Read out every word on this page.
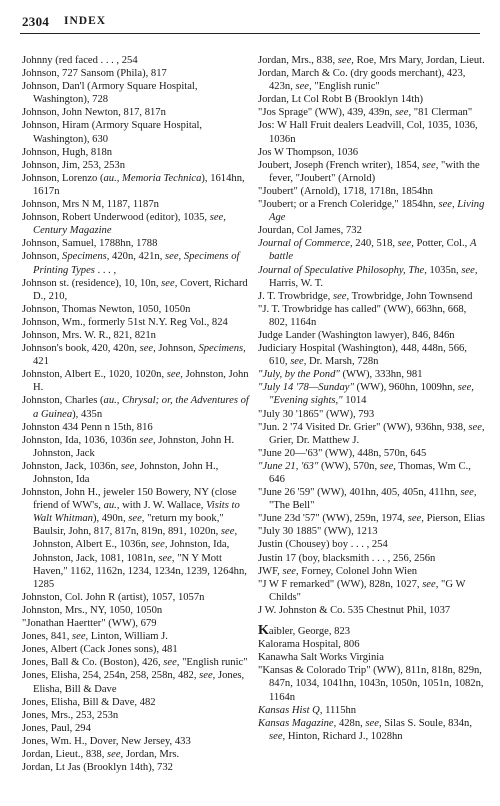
2304 INDEX

Johnny (red faced . . . , 254

Johnson, 727 Sansom (Phila), 817

Johnson, Dan'l (Armory Square Hospital, Washington), 728

Johnson, John Newton, 817, 817n

Johnson, Hiram (Armory Square Hospital, Washington), 630

Johnson, Hugh, 818n

Johnson, Jim, 253, 253n

Johnson, Lorenzo (au., Memoria Technica), 1614hn, 1617n

Johnson, Mrs N M, 1187, 1187n

Johnson, Robert Underwood (editor), 1035, see, Century Magazine

Johnson, Samuel, 1788hn, 1788

Johnson, Specimens, 420n, 421n, see, Specimens of Printing Types . . . ,

Johnson st. (residence), 10, 10n, see, Covert, Richard D., 210,

Johnson, Thomas Newton, 1050, 1050n

Johnson, Wm., formerly 51st N.Y. Reg Vol., 824

Johnson, Mrs. W. R., 821, 821n

Johnson's book, 420, 420n, see, Johnson, Specimens, 421

Johnston, Albert E., 1020, 1020n, see, Johnston, John H.

Johnston, Charles (au., Chrysal; or, the Adventures of a Guinea), 435n

Johnston 434 Penn n 15th, 816

Johnston, Ida, 1036, 1036n see, Johnston, John H. Johnston, Jack

Johnston, Jack, 1036n, see, Johnston, John H., Johnston, Ida

Johnston, John H., jeweler 150 Bowery, NY (close friend of WW's, au., with J. W. Wallace, Visits to Walt Whitman), 490n, see, "return my book," Baulsir, John, 817, 817n, 819n, 891, 1020n, see, Johnston, Albert E., 1036n, see, Johnston, Ida, Johnston, Jack, 1081, 1081n, see, "N Y Mott Haven," 1162, 1162n, 1234, 1234n, 1239, 1264hn, 1285

Johnston, Col. John R (artist), 1057, 1057n

Johnston, Mrs., NY, 1050, 1050n

"Jonathan Haertter" (WW), 679

Jones, 841, see, Linton, William J.

Jones, Albert (Cack Jones sons), 481

Jones, Ball & Co. (Boston), 426, see, "English runic"

Jones, Elisha, 254, 254n, 258, 258n, 482, see, Jones, Elisha, Bill & Dave

Jones, Elisha, Bill & Dave, 482

Jones, Mrs., 253, 253n

Jones, Paul, 294

Jones, Wm. H., Dover, New Jersey, 433

Jordan, Lieut., 838, see, Jordan, Mrs.

Jordan, Lt Jas (Brooklyn 14th), 732

Jordan, Mrs., 838, see, Roe, Mrs Mary, Jordan, Lieut.

Jordan, March & Co. (dry goods merchant), 423, 423n, see, "English runic"

Jordan, Lt Col Robt B (Brooklyn 14th)

"Jos Sprage" (WW), 439, 439n, see, "81 Clerman"

Jos: W Hall Fruit dealers Leadvill, Col, 1035, 1036, 1036n

Jos W Thompson, 1036

Joubert, Joseph (French writer), 1854, see, "with the fever, "Joubert" (Arnold)

"Joubert" (Arnold), 1718, 1718n, 1854hn

"Joubert; or a French Coleridge," 1854hn, see, Living Age

Jourdan, Col James, 732

Journal of Commerce, 240, 518, see, Potter, Col., A battle

Journal of Speculative Philosophy, The, 1035n, see, Harris, W. T.

J. T. Trowbridge, see, Trowbridge, John Townsend

"J. T. Trowbridge has called" (WW), 663hn, 668, 802, 1164n

Judge Lander (Washington lawyer), 846, 846n

Judiciary Hospital (Washington), 448, 448n, 566, 610, see, Dr. Marsh, 728n

"July, by the Pond" (WW), 333hn, 981

"July 14 '78—Sunday" (WW), 960hn, 1009hn, see, "Evening sights," 1014

"July 30 '1865" (WW), 793

"Jun. 2 '74 Visited Dr. Grier" (WW), 936hn, 938, see, Grier, Dr. Matthew J.

"June 20—'63" (WW), 448n, 570n, 645

"June 21, '63" (WW), 570n, see, Thomas, Wm C., 646

"June 26 '59" (WW), 401hn, 405, 405n, 411hn, see, "The Bell"

"June 23d '57" (WW), 259n, 1974, see, Pierson, Elias

"July 30 1885" (WW), 1213

Justin (Chousey) boy . . . , 254

Justin 17 (boy, blacksmith . . . , 256, 256n

JWF, see, Forney, Colonel John Wien

"J W F remarked" (WW), 828n, 1027, see, "G W Childs"

J W. Johnston & Co. 535 Chestnut Phil, 1037

Kaibler, George, 823

Kalorama Hospital, 806

Kanawha Salt Works Virginia

"Kansas & Colorado Trip" (WW), 811n, 818n, 829n, 847n, 1034, 1041hn, 1043n, 1050n, 1051n, 1082n, 1164n

Kansas Hist Q, 1115hn

Kansas Magazine, 428n, see, Silas S. Soule, 834n, see, Hinton, Richard J., 1028hn
